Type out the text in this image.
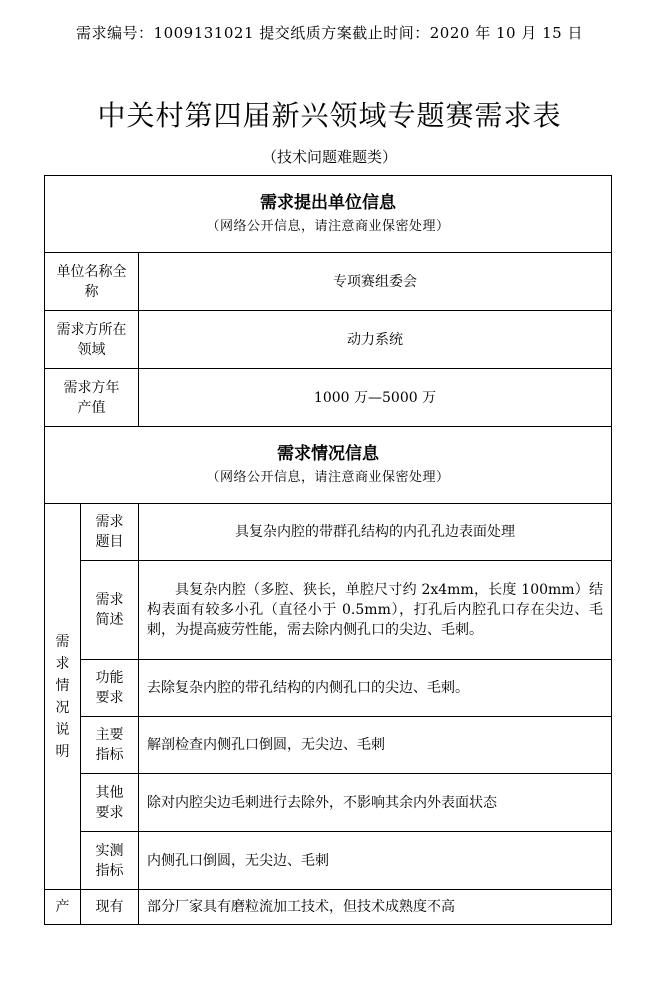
需求编号：1009131021 提交纸质方案截止时间：2020 年 10 月 15 日
中关村第四届新兴领域专题赛需求表
（技术问题难题类）
需求提出单位信息
（网络公开信息，请注意商业保密处理）		

单位名称全称		专项赛组委会

需求方所在领域		动力系统

需求方年产值		1000 万—5000 万

需求情况信息
（网络公开信息，请注意商业保密处理）		

需求情况说明	需求题目	具复杂内腔的带群孔结构的内孔孔边表面处理

	需求简述	具复杂内腔（多腔、狭长，单腔尺寸约 2x4mm，长度 100mm）结构表面有较多小孔（直径小于 0.5mm），打孔后内腔孔口存在尖边、毛刺，为提高疲劳性能，需去除内侧孔口的尖边、毛刺。

	功能要求	去除复杂内腔的带孔结构的内侧孔口的尖边、毛刺。

	主要指标	解剖检查内侧孔口倒圆，无尖边、毛刺

	其他要求	除对内腔尖边毛刺进行去除外，不影响其余内外表面状态

	实测指标	内侧孔口倒圆，无尖边、毛刺
产	现有	部分厂家具有磨粒流加工技术，但技术成熟度不高
